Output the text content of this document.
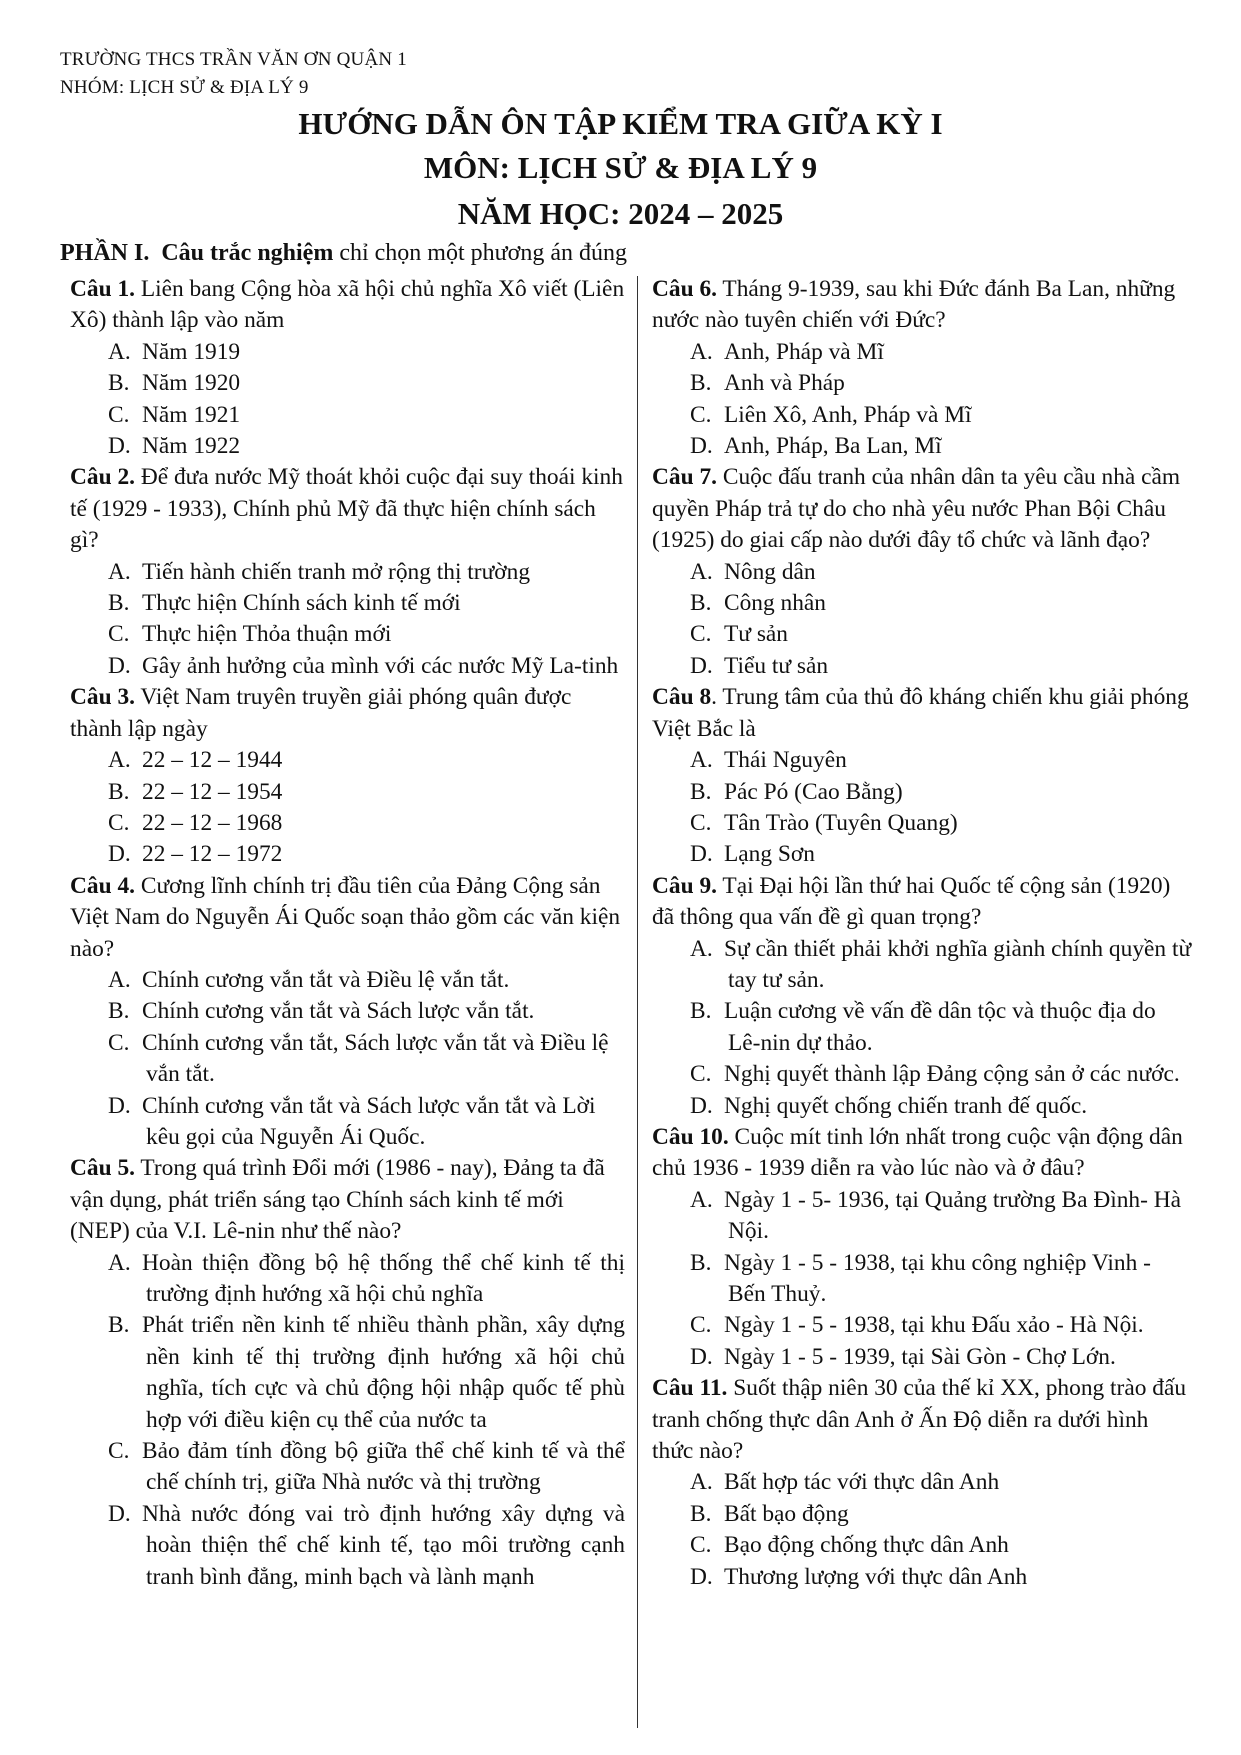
TRƯỜNG THCS TRẦN VĂN ƠN QUẬN 1
NHÓM: LỊCH SỬ & ĐỊA LÝ 9
HƯỚNG DẪN ÔN TẬP KIỂM TRA GIỮA KỲ I
MÔN: LỊCH SỬ & ĐỊA LÝ 9
NĂM HỌC: 2024 – 2025
PHẦN I. Câu trắc nghiệm chỉ chọn một phương án đúng
Câu 1. Liên bang Cộng hòa xã hội chủ nghĩa Xô viết (Liên Xô) thành lập vào năm
A. Năm 1919
B. Năm 1920
C. Năm 1921
D. Năm 1922
Câu 2. Để đưa nước Mỹ thoát khỏi cuộc đại suy thoái kinh tế (1929 - 1933), Chính phủ Mỹ đã thực hiện chính sách gì?
A. Tiến hành chiến tranh mở rộng thị trường
B. Thực hiện Chính sách kinh tế mới
C. Thực hiện Thỏa thuận mới
D. Gây ảnh hưởng của mình với các nước Mỹ La-tinh
Câu 3. Việt Nam truyên truyền giải phóng quân được thành lập ngày
A. 22 – 12 – 1944
B. 22 – 12 – 1954
C. 22 – 12 – 1968
D. 22 – 12 – 1972
Câu 4. Cương lĩnh chính trị đầu tiên của Đảng Cộng sản Việt Nam do Nguyễn Ái Quốc soạn thảo gồm các văn kiện nào?
A. Chính cương vắn tắt và Điều lệ vắn tắt.
B. Chính cương vắn tắt và Sách lược vắn tắt.
C. Chính cương vắn tắt, Sách lược vắn tắt và Điều lệ vắn tắt.
D. Chính cương vắn tắt và Sách lược vắn tắt và Lời kêu gọi của Nguyễn Ái Quốc.
Câu 5. Trong quá trình Đổi mới (1986 - nay), Đảng ta đã vận dụng, phát triển sáng tạo Chính sách kinh tế mới (NEP) của V.I. Lê-nin như thế nào?
A. Hoàn thiện đồng bộ hệ thống thể chế kinh tế thị trường định hướng xã hội chủ nghĩa
B. Phát triển nền kinh tế nhiều thành phần, xây dựng nền kinh tế thị trường định hướng xã hội chủ nghĩa, tích cực và chủ động hội nhập quốc tế phù hợp với điều kiện cụ thể của nước ta
C. Bảo đảm tính đồng bộ giữa thể chế kinh tế và thể chế chính trị, giữa Nhà nước và thị trường
D. Nhà nước đóng vai trò định hướng xây dựng và hoàn thiện thể chế kinh tế, tạo môi trường cạnh tranh bình đẳng, minh bạch và lành mạnh
Câu 6. Tháng 9-1939, sau khi Đức đánh Ba Lan, những nước nào tuyên chiến với Đức?
A. Anh, Pháp và Mĩ
B. Anh và Pháp
C. Liên Xô, Anh, Pháp và Mĩ
D. Anh, Pháp, Ba Lan, Mĩ
Câu 7. Cuộc đấu tranh của nhân dân ta yêu cầu nhà cầm quyền Pháp trả tự do cho nhà yêu nước Phan Bội Châu (1925) do giai cấp nào dưới đây tổ chức và lãnh đạo?
A. Nông dân
B. Công nhân
C. Tư sản
D. Tiểu tư sản
Câu 8. Trung tâm của thủ đô kháng chiến khu giải phóng Việt Bắc là
A. Thái Nguyên
B. Pác Pó (Cao Bằng)
C. Tân Trào (Tuyên Quang)
D. Lạng Sơn
Câu 9. Tại Đại hội lần thứ hai Quốc tế cộng sản (1920) đã thông qua vấn đề gì quan trọng?
A. Sự cần thiết phải khởi nghĩa giành chính quyền từ tay tư sản.
B. Luận cương về vấn đề dân tộc và thuộc địa do Lê-nin dự thảo.
C. Nghị quyết thành lập Đảng cộng sản ở các nước.
D. Nghị quyết chống chiến tranh đế quốc.
Câu 10. Cuộc mít tinh lớn nhất trong cuộc vận động dân chủ 1936 - 1939 diễn ra vào lúc nào và ở đâu?
A. Ngày 1 - 5- 1936, tại Quảng trường Ba Đình- Hà Nội.
B. Ngày 1 - 5 - 1938, tại khu công nghiệp Vinh - Bến Thuỷ.
C. Ngày 1 - 5 - 1938, tại khu Đấu xảo - Hà Nội.
D. Ngày 1 - 5 - 1939, tại Sài Gòn - Chợ Lớn.
Câu 11. Suốt thập niên 30 của thế kỉ XX, phong trào đấu tranh chống thực dân Anh ở Ấn Độ diễn ra dưới hình thức nào?
A. Bất hợp tác với thực dân Anh
B. Bất bạo động
C. Bạo động chống thực dân Anh
D. Thương lượng với thực dân Anh
